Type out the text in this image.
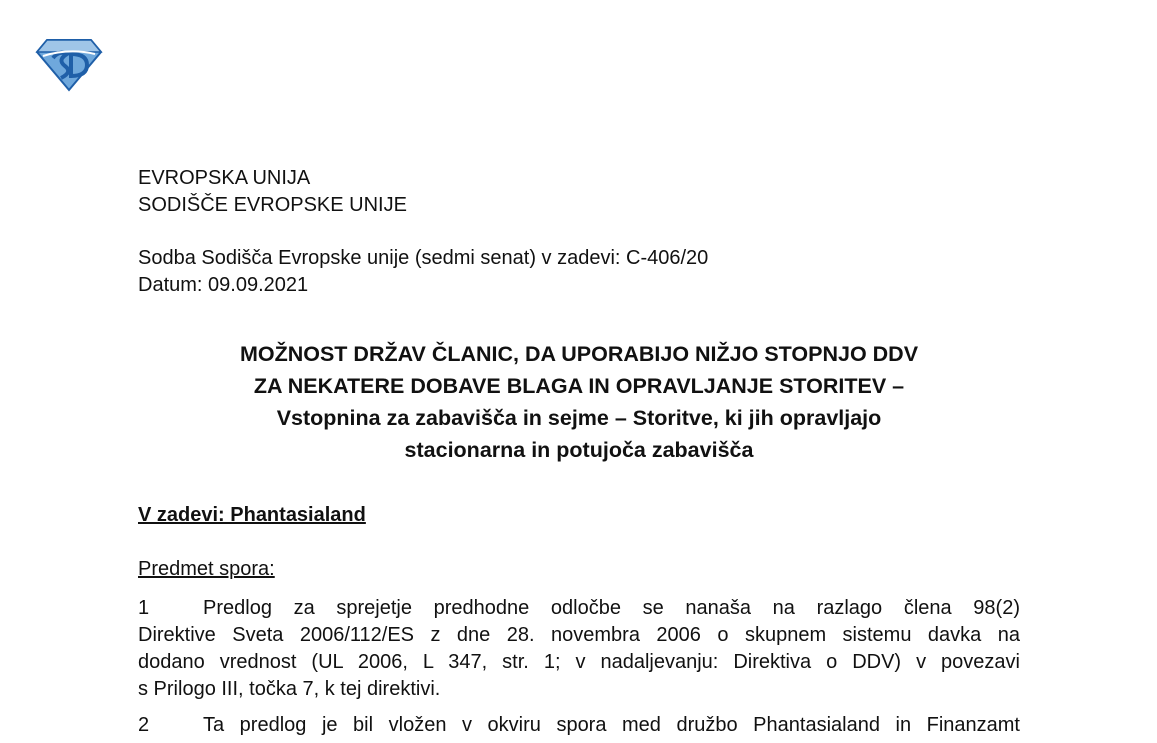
EVROPSKA UNIJA
SODIŠČE EVROPSKE UNIJE
Sodba Sodišča Evropske unije (sedmi senat) v zadevi: C-406/20
Datum: 09.09.2021
MOŽNOST DRŽAV ČLANIC, DA UPORABIJO NIŽJO STOPNJO DDV
ZA NEKATERE DOBAVE BLAGA IN OPRAVLJANJE STORITEV –
Vstopnina za zabavišča in sejme – Storitve, ki jih opravljajo
stacionarna in potujoča zabavišča
V zadevi: Phantasialand
Predmet spora:
1	Predlog za sprejetje predhodne odločbe se nanaša na razlago člena 98(2)
Direktive Sveta 2006/112/ES z dne 28. novembra 2006 o skupnem sistemu davka na
dodano vrednost (UL 2006, L 347, str. 1; v nadaljevanju: Direktiva o DDV) v povezavi
s Prilogo III, točka 7, k tej direktivi.
2	Ta predlog je bil vložen v okviru spora med družbo Phantasialand in Finanzamt
